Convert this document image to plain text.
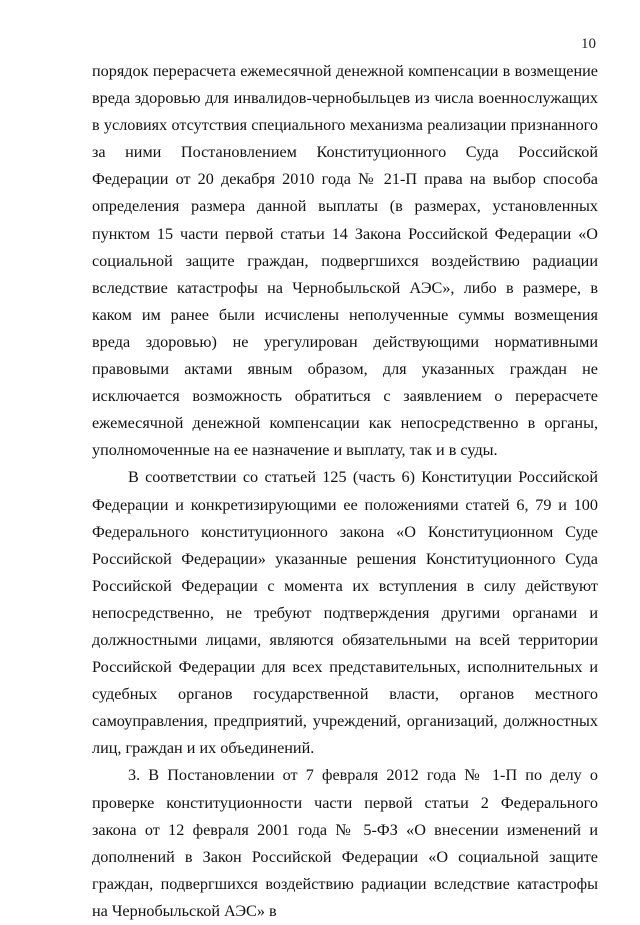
10

порядок перерасчета ежемесячной денежной компенсации в возмещение вреда здоровью для инвалидов-чернобыльцев из числа военнослужащих в условиях отсутствия специального механизма реализации признанного за ними Постановлением Конституционного Суда Российской Федерации от 20 декабря 2010 года № 21-П права на выбор способа определения размера данной выплаты (в размерах, установленных пунктом 15 части первой статьи 14 Закона Российской Федерации «О социальной защите граждан, подвергшихся воздействию радиации вследствие катастрофы на Чернобыльской АЭС», либо в размере, в каком им ранее были исчислены неполученные суммы возмещения вреда здоровью) не урегулирован действующими нормативными правовыми актами явным образом, для указанных граждан не исключается возможность обратиться с заявлением о перерасчете ежемесячной денежной компенсации как непосредственно в органы, уполномоченные на ее назначение и выплату, так и в суды.

В соответствии со статьей 125 (часть 6) Конституции Российской Федерации и конкретизирующими ее положениями статей 6, 79 и 100 Федерального конституционного закона «О Конституционном Суде Российской Федерации» указанные решения Конституционного Суда Российской Федерации с момента их вступления в силу действуют непосредственно, не требуют подтверждения другими органами и должностными лицами, являются обязательными на всей территории Российской Федерации для всех представительных, исполнительных и судебных органов государственной власти, органов местного самоуправления, предприятий, учреждений, организаций, должностных лиц, граждан и их объединений.

3. В Постановлении от 7 февраля 2012 года № 1-П по делу о проверке конституционности части первой статьи 2 Федерального закона от 12 февраля 2001 года № 5-ФЗ «О внесении изменений и дополнений в Закон Российской Федерации «О социальной защите граждан, подвергшихся воздействию радиации вследствие катастрофы на Чернобыльской АЭС» в
